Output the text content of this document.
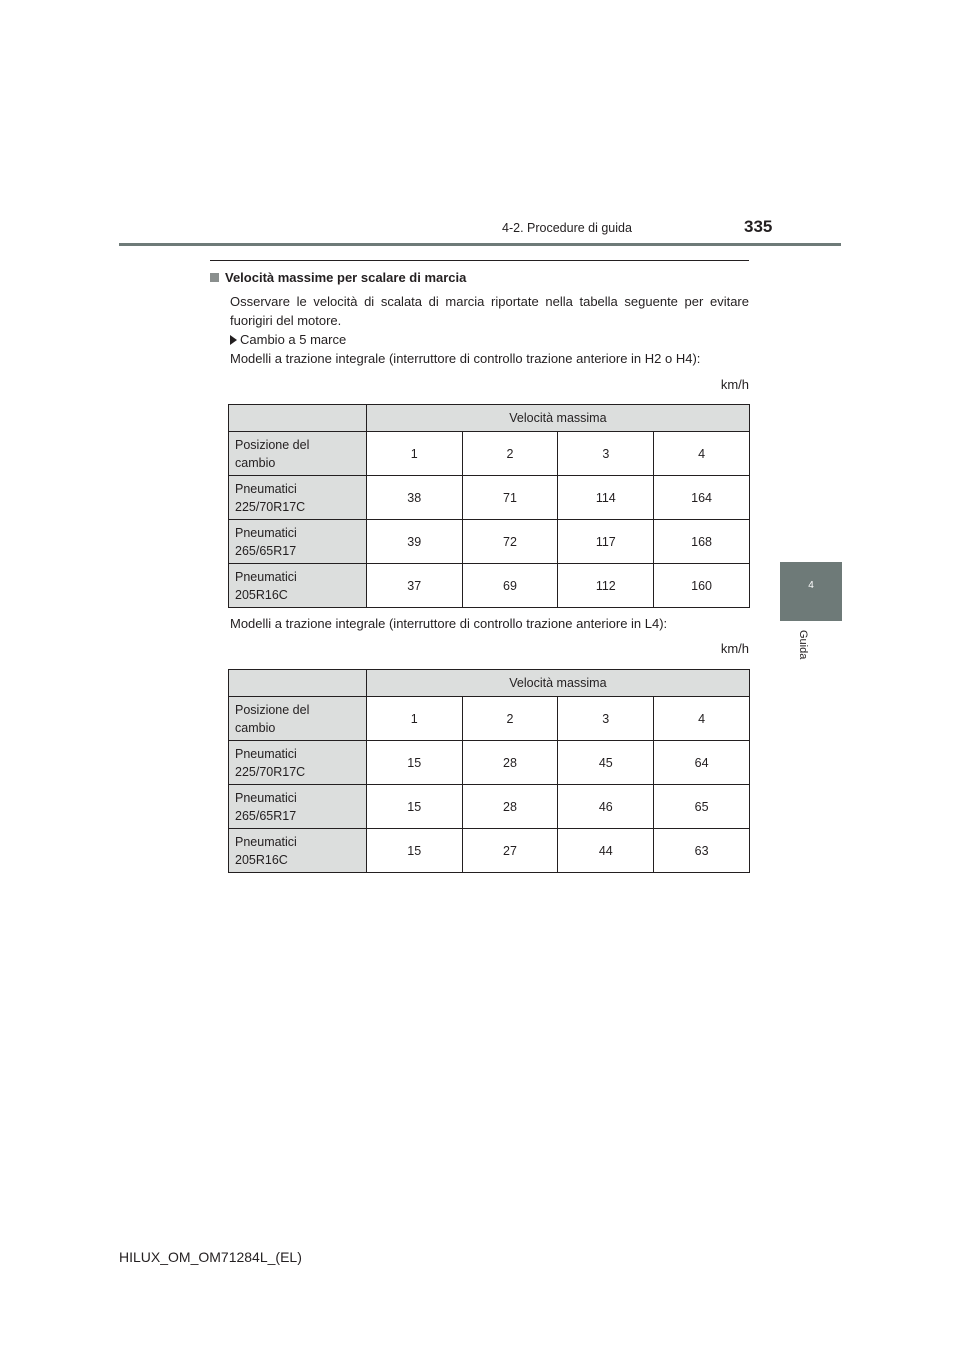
4-2. Procedure di guida	335
4
Guida
Velocità massime per scalare di marcia
Osservare le velocità di scalata di marcia riportate nella tabella seguente per evitare fuorigiri del motore.
Cambio a 5 marce
Modelli a trazione integrale (interruttore di controllo trazione anteriore in H2 o H4):
km/h
	Velocità massima			
Posizione del
cambio	1	2	3	4
Pneumatici
225/70R17C	38	71	114	164
Pneumatici
265/65R17	39	72	117	168
Pneumatici
205R16C	37	69	112	160
Modelli a trazione integrale (interruttore di controllo trazione anteriore in L4):
km/h
	Velocità massima			
Posizione del
cambio	1	2	3	4
Pneumatici
225/70R17C	15	28	45	64
Pneumatici
265/65R17	15	28	46	65
Pneumatici
205R16C	15	27	44	63
HILUX_OM_OM71284L_(EL)
